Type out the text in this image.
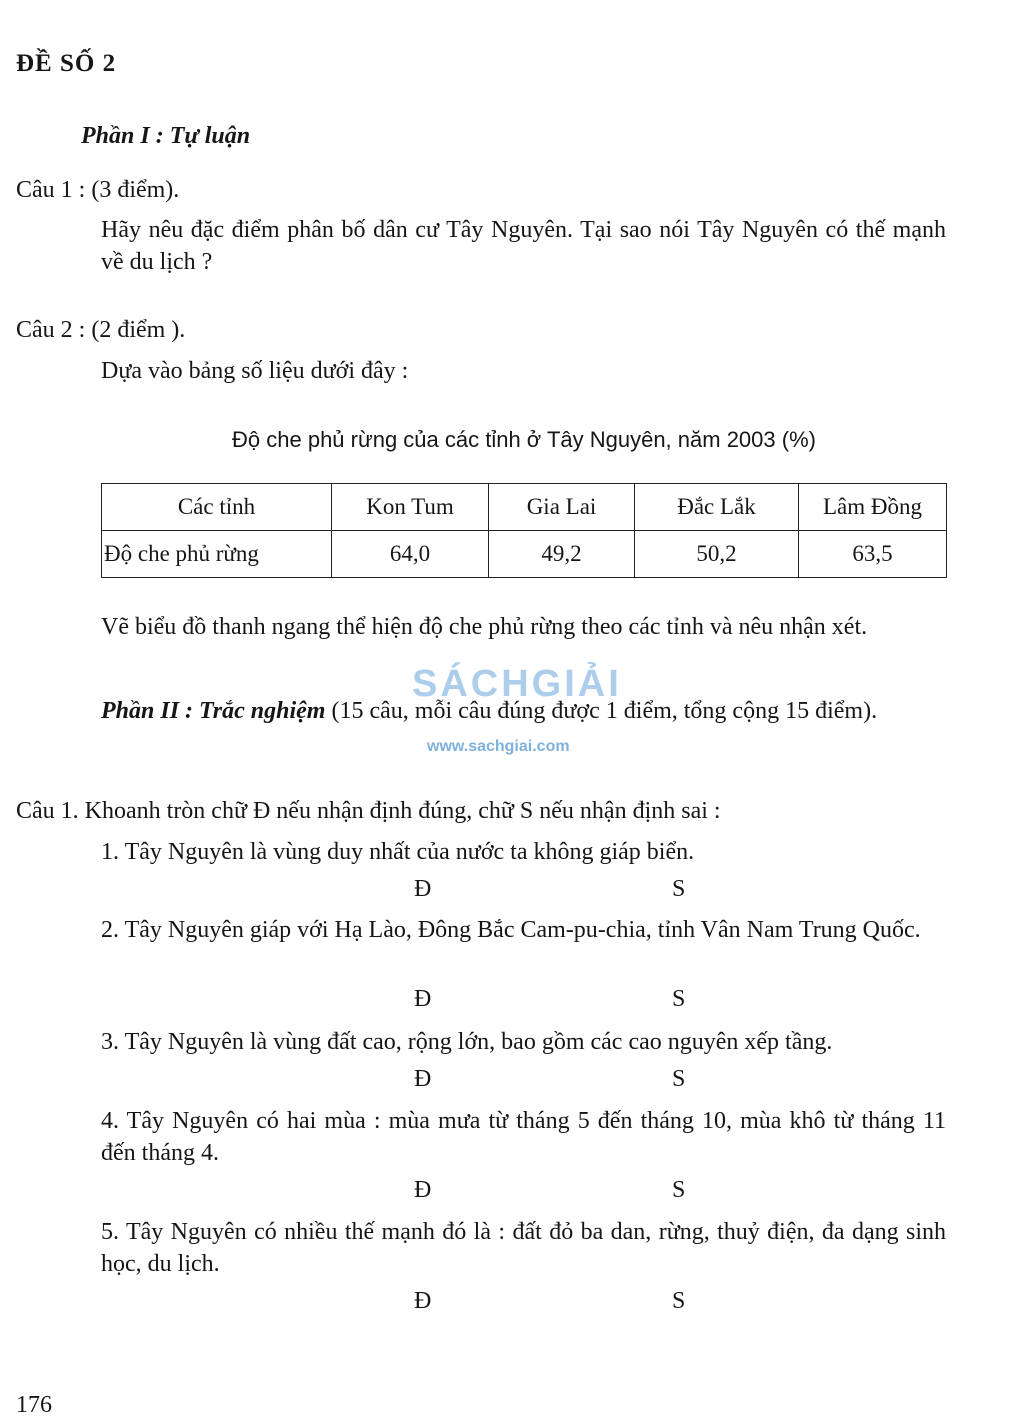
ĐỀ SỐ 2
Phần I : Tự luận
Câu 1 : (3 điểm).

Hãy nêu đặc điểm phân bố dân cư Tây Nguyên. Tại sao nói Tây Nguyên có thế mạnh về du lịch ?

Câu 2 : (2 điểm ).
Dựa vào bảng số liệu dưới đây :
Độ che phủ rừng của các tỉnh ở Tây Nguyên, năm 2003 (%)
Các tỉnh	Kon Tum	Gia Lai	Đắc Lắk	Lâm Đồng
Độ che phủ rừng	64,0	49,2	50,2	63,5

Vẽ biểu đồ thanh ngang thể hiện độ che phủ rừng theo các tỉnh và nêu nhận xét.

Phần II : Trắc nghiệm (15 câu, mỗi câu đúng được 1 điểm, tổng cộng 15 điểm).

SÁCHGIẢI
www.sachgiai.com
Câu 1. Khoanh tròn chữ Đ nếu nhận định đúng, chữ S nếu nhận định sai :

1. Tây Nguyên là vùng duy nhất của nước ta không giáp biển.

Đ	S

2. Tây Nguyên giáp với Hạ Lào, Đông Bắc Cam-pu-chia, tỉnh Vân Nam Trung Quốc.

Đ	S

3. Tây Nguyên là vùng đất cao, rộng lớn, bao gồm các cao nguyên xếp tầng.

Đ	S

4. Tây Nguyên có hai mùa : mùa mưa từ tháng 5 đến tháng 10, mùa khô từ tháng 11 đến tháng 4.

Đ	S

5. Tây Nguyên có nhiều thế mạnh đó là : đất đỏ ba dan, rừng, thuỷ điện, đa dạng sinh học, du lịch.

Đ	S
176
